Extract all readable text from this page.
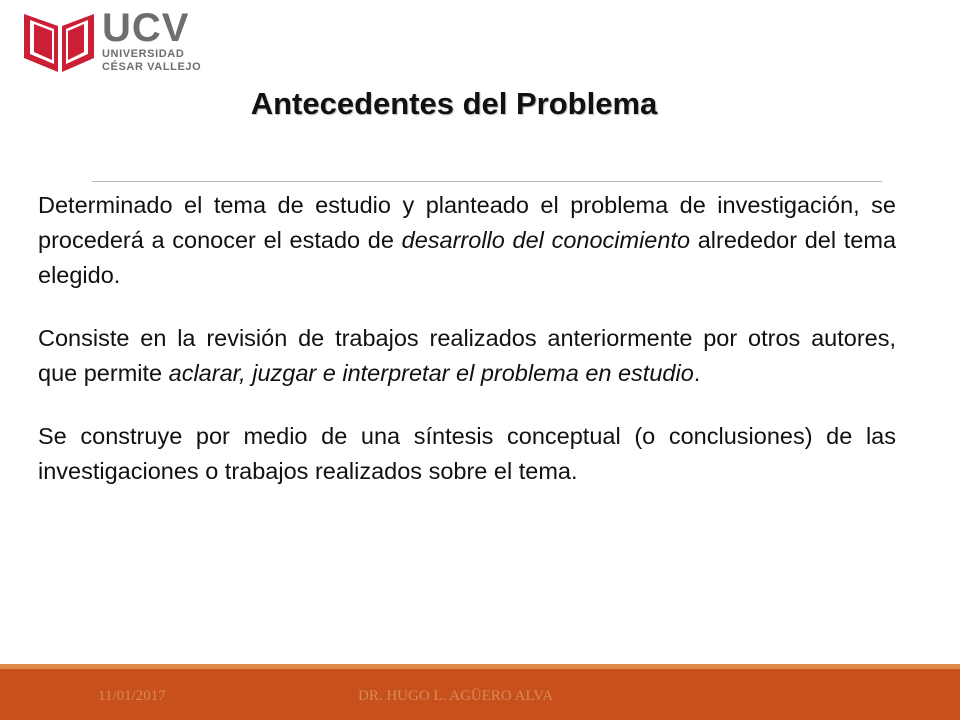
UCV
UNIVERSIDAD
CÉSAR VALLEJO
Antecedentes del Problema

Determinado el tema de estudio y planteado el problema de investigación, se procederá a conocer el estado de desarrollo del conocimiento alrededor del tema elegido.

Consiste en la revisión de trabajos realizados anteriormente por otros autores, que permite aclarar, juzgar e interpretar el problema en estudio.

Se construye por medio de una síntesis conceptual (o conclusiones) de las investigaciones o trabajos realizados sobre el tema.

11/01/2017	DR. HUGO L. AGÜERO ALVA
